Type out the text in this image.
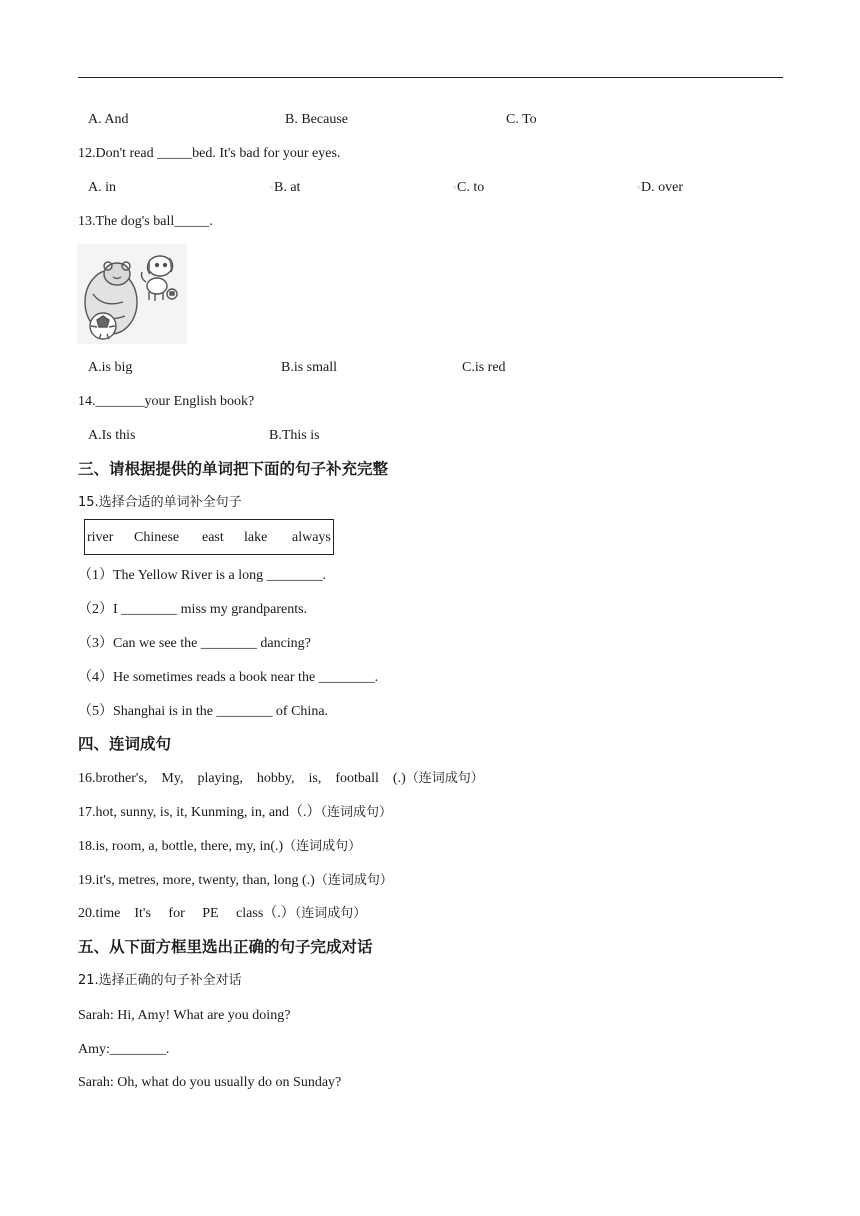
A. And	B. Because	C. To
12.Don't read _____bed. It's bad for your eyes.
A. in	▫ B. at	▫ C. to	▫ D. over
13.The dog's ball_____.
A.is big	B.is small	C.is red
14._______your English book?
A.Is this	B.This is
三、请根据提供的单词把下面的句子补充完整
15.选择合适的单词补全句子
river Chinese east lake always
（1）The Yellow River is a long ________.
（2）I ________ miss my grandparents.
（3）Can we see the ________ dancing?
（4）He sometimes reads a book near the ________.
（5）Shanghai is in the ________ of China.
四、连词成句
16.brother's,    My,    playing,    hobby,    is,    football    (.)（连词成句）
17.hot, sunny, is, it, Kunming, in, and（.）（连词成句）
18.is, room, a, bottle, there, my, in(.)（连词成句）
19.it's, metres, more, twenty, than, long (.)（连词成句）
20.time    It's     for     PE     class（.）（连词成句）
五、从下面方框里选出正确的句子完成对话
21.选择正确的句子补全对话
Sarah: Hi, Amy! What are you doing?
Amy:________.
Sarah: Oh, what do you usually do on Sunday?
